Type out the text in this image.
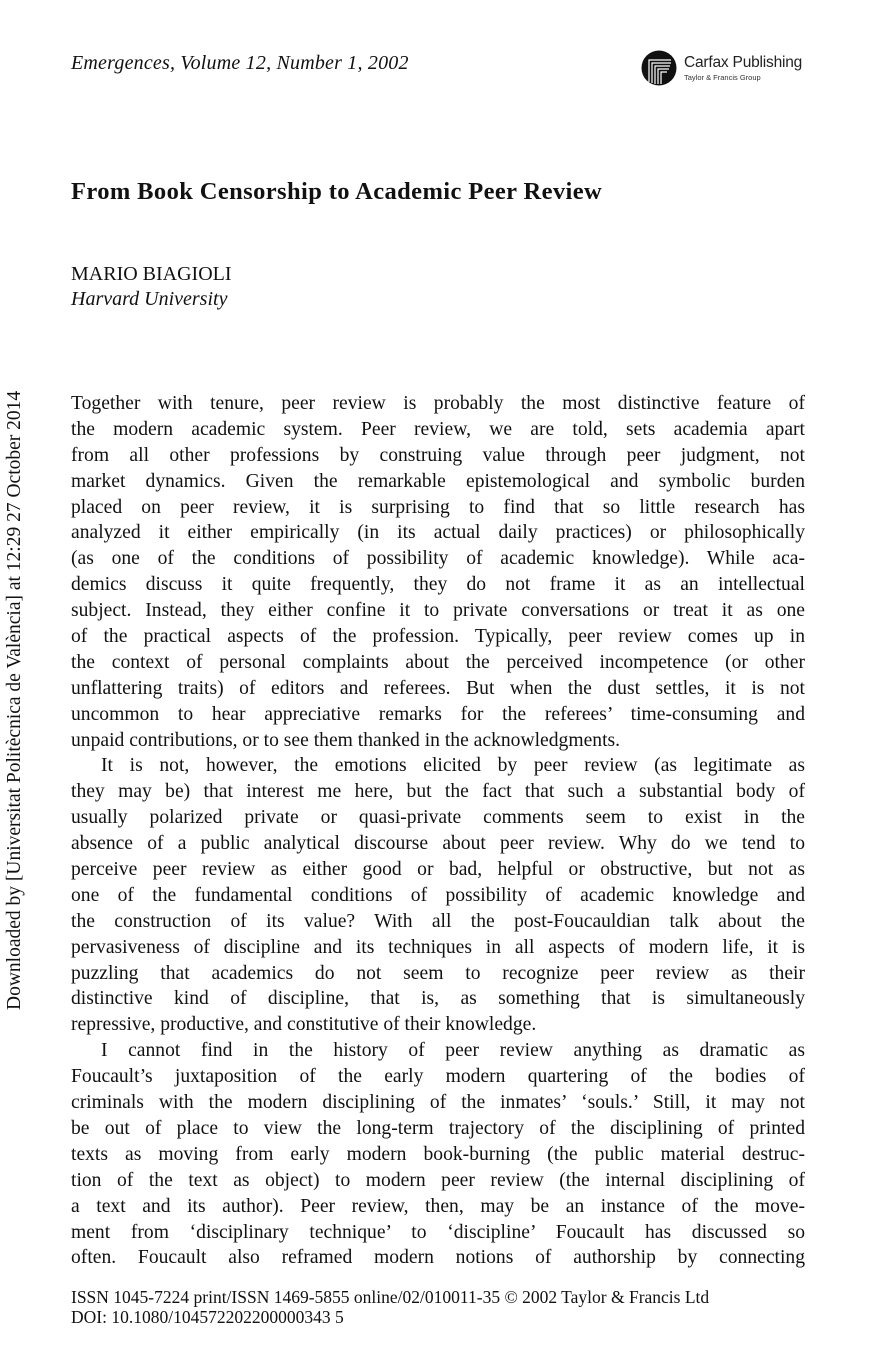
Emergences, Volume 12, Number 1, 2002	Carfax Publishing
Taylor & Francis Group
From Book Censorship to Academic Peer Review
MARIO BIAGIOLI
Harvard University
Downloaded by [Universitat Politècnica de València] at 12:29 27 October 2014 Together with tenure, peer review is probably the most distinctive feature of
the modern academic system. Peer review, we are told, sets academia apart
from all other professions by construing value through peer judgment, not
market dynamics. Given the remarkable epistemological and symbolic burden
placed on peer review, it is surprising to find that so little research has
analyzed it either empirically (in its actual daily practices) or philosophically
(as one of the conditions of possibility of academic knowledge). While aca-
demics discuss it quite frequently, they do not frame it as an intellectual
subject. Instead, they either confine it to private conversations or treat it as one
of the practical aspects of the profession. Typically, peer review comes up in
the context of personal complaints about the perceived incompetence (or other
unflattering traits) of editors and referees. But when the dust settles, it is not
uncommon to hear appreciative remarks for the referees’ time-consuming and
unpaid contributions, or to see them thanked in the acknowledgments.
It is not, however, the emotions elicited by peer review (as legitimate as
they may be) that interest me here, but the fact that such a substantial body of
usually polarized private or quasi-private comments seem to exist in the
absence of a public analytical discourse about peer review. Why do we tend to
perceive peer review as either good or bad, helpful or obstructive, but not as
one of the fundamental conditions of possibility of academic knowledge and
the construction of its value? With all the post-Foucauldian talk about the
pervasiveness of discipline and its techniques in all aspects of modern life, it is
puzzling that academics do not seem to recognize peer review as their
distinctive kind of discipline, that is, as something that is simultaneously
repressive, productive, and constitutive of their knowledge.
I cannot find in the history of peer review anything as dramatic as
Foucault’s juxtaposition of the early modern quartering of the bodies of
criminals with the modern disciplining of the inmates’ ‘souls.’ Still, it may not
be out of place to view the long-term trajectory of the disciplining of printed
texts as moving from early modern book-burning (the public material destruc-
tion of the text as object) to modern peer review (the internal disciplining of
a text and its author). Peer review, then, may be an instance of the move-
ment from ‘disciplinary technique’ to ‘discipline’ Foucault has discussed so
often. Foucault also reframed modern notions of authorship by connecting
ISSN 1045-7224 print/ISSN 1469-5855 online/02/010011-35 © 2002 Taylor & Francis Ltd
DOI: 10.1080/104572202200000343 5
